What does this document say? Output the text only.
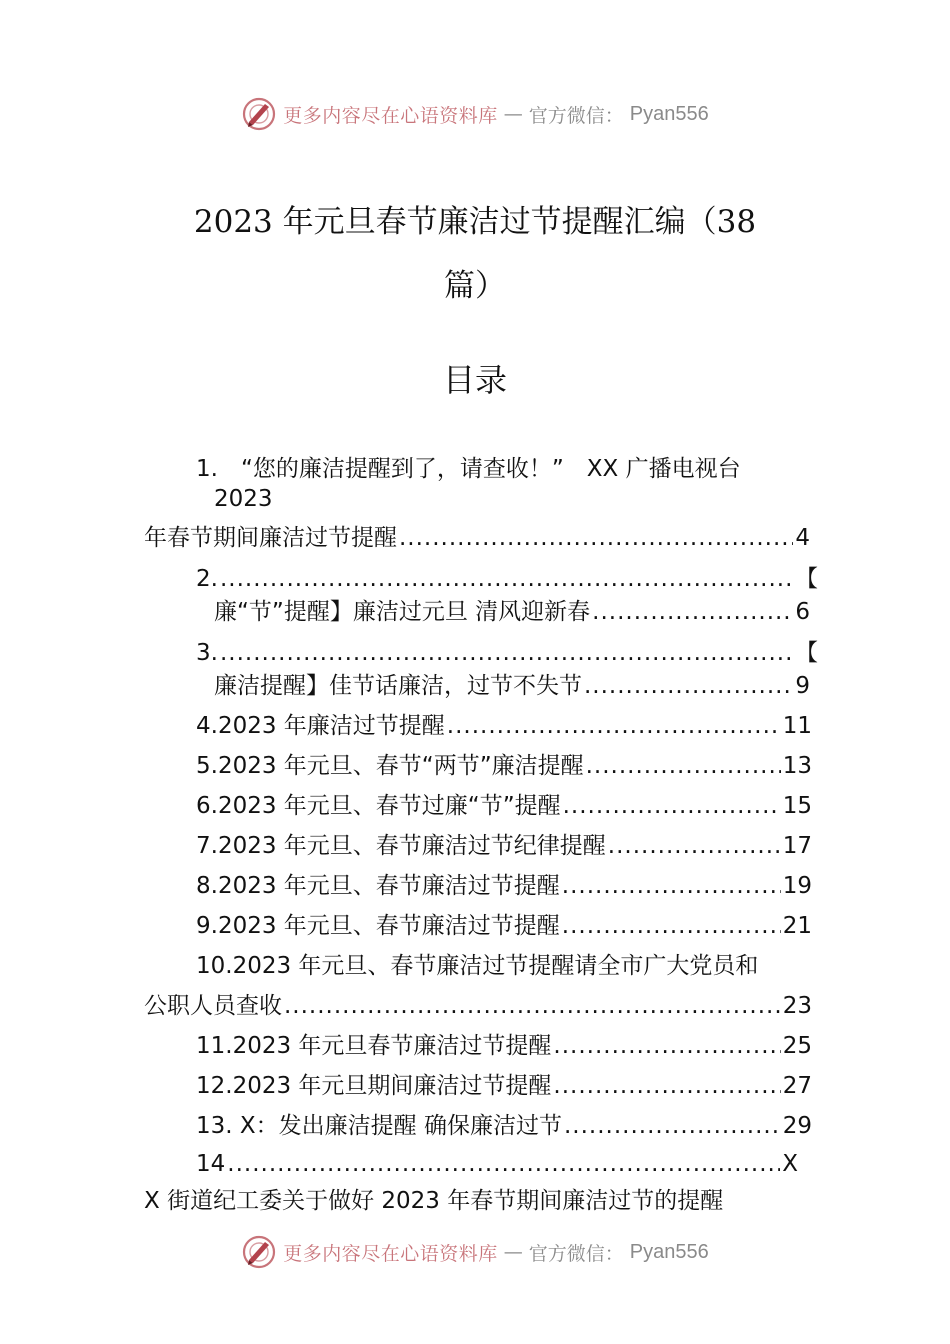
更多内容尽在心语资料库 — 官方微信： Pyan556
2023 年元旦春节廉洁过节提醒汇编（38
篇）
目录
1.　“您的廉洁提醒到了，请查收！”　XX 广播电视台
2023
年春节期间廉洁过节提醒 .....	4
2. .....	【
廉“节”提醒】廉洁过元旦 清风迎新春 .....	6
3. .....	【
廉洁提醒】佳节话廉洁，过节不失节 .....	9
4.2023 年廉洁过节提醒 .....	11
5.2023 年元旦、春节“两节”廉洁提醒 .....	13
6.2023 年元旦、春节过廉“节”提醒 .....	15
7.2023 年元旦、春节廉洁过节纪律提醒 .....	17
8.2023 年元旦、春节廉洁过节提醒 .....	19
9.2023 年元旦、春节廉洁过节提醒 .....	21
10.2023 年元旦、春节廉洁过节提醒请全市广大党员和
公职人员查收 .....	23
11.2023 年元旦春节廉洁过节提醒 .....	25
12.2023 年元旦期间廉洁过节提醒 .....	27
13. X：发出廉洁提醒 确保廉洁过节 .....	29
14 .....	X
X 街道纪工委关于做好 2023 年春节期间廉洁过节的提醒
更多内容尽在心语资料库 — 官方微信： Pyan556
